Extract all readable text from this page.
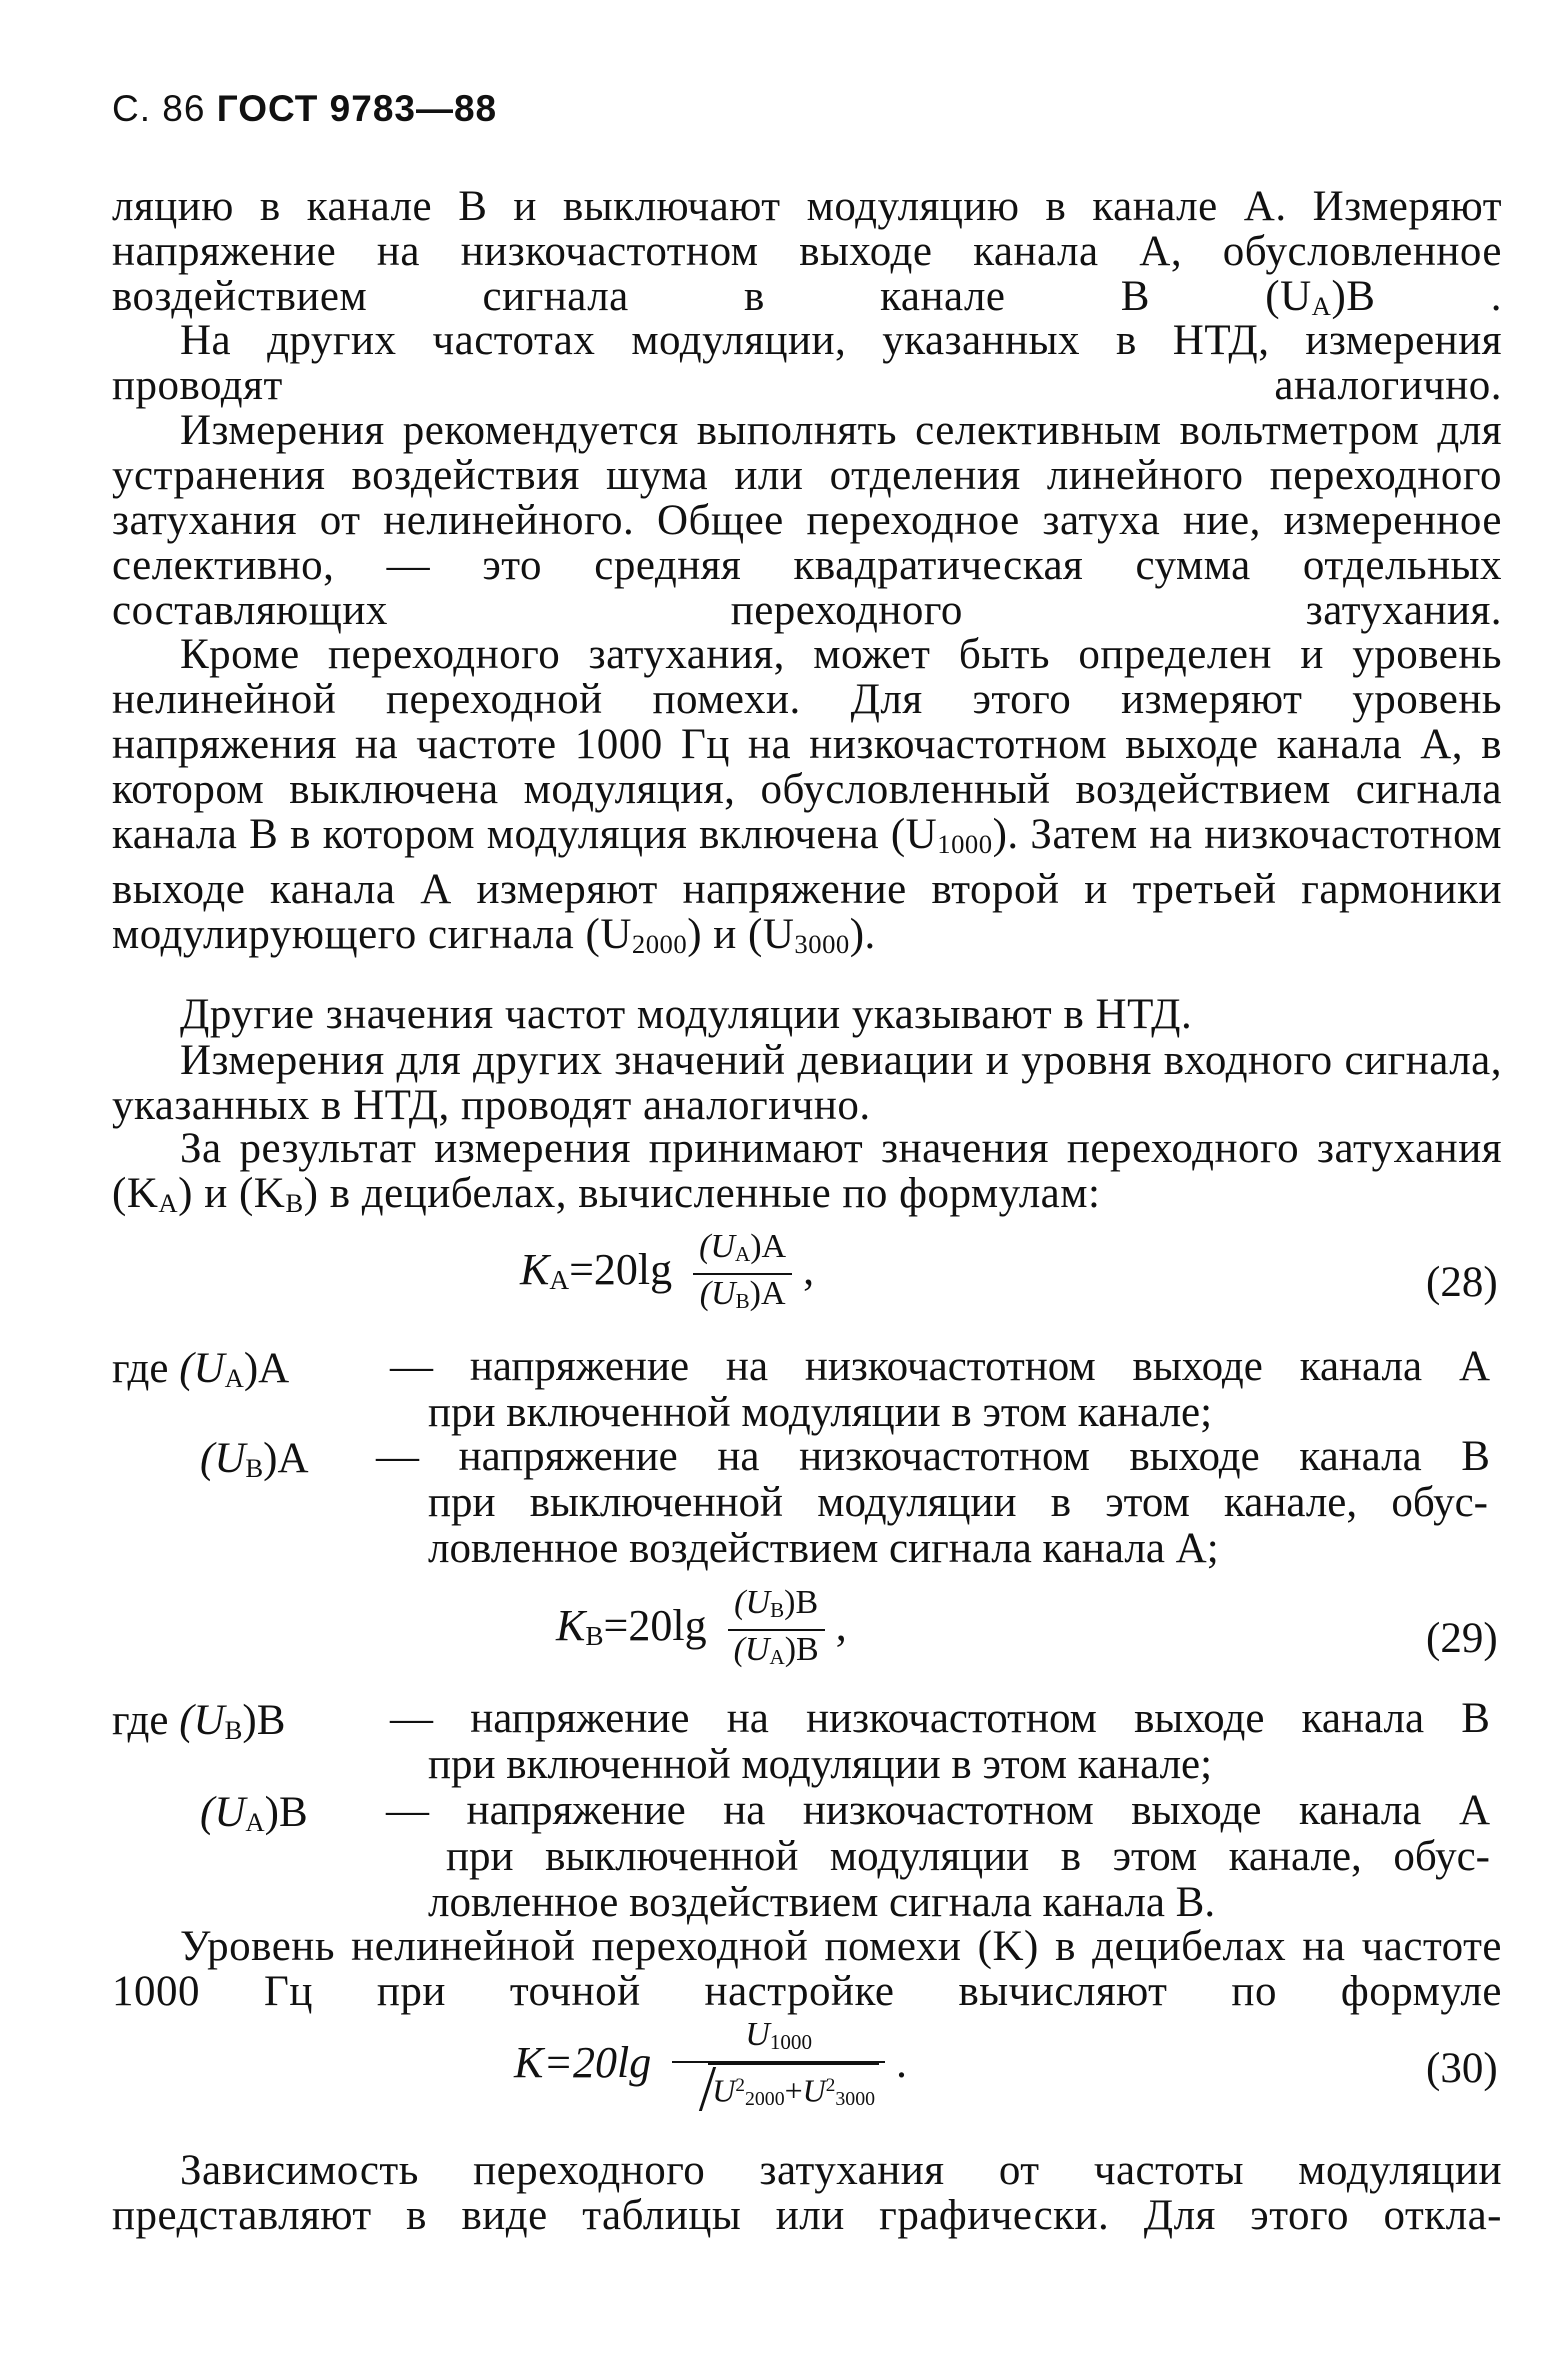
С. 86 ГОСТ 9783—88
ляцию в канале В и выключают модуляцию в канале А. Измеряют напряжение на низкочастотном выходе канала А, обусловленное воздействием сигнала в канале В $(U_A)B$ .
На других частотах модуляции, указанных в НТД, измерения проводят аналогично.
Измерения рекомендуется выполнять селективным вольтметром для устранения воздействия шума или отделения линейного переходного затухания от нелинейного. Общее переходное затуха ние, измеренное селективно, — это средняя квадратическая сумма отдельных составляющих переходного затухания.
Кроме переходного затухания, может быть определен и уровень нелинейной переходной помехи. Для этого измеряют уровень напряжения на частоте 1000 Гц на низкочастотном выходе канала А, в котором выключена модуляция, обусловленный воздействием сигнала канала В в котором модуляция включена $(U_{1000})$. Затем на низкочастотном выходе канала А измеряют напряжение второй и третьей гармоники модулирующего сигнала $(U_{2000})$ и $(U_{3000})$.
Другие значения частот модуляции указывают в НТД.
Измерения для других значений девиации и уровня входного сигнала, указанных в НТД, проводят аналогично.
За результат измерения принимают значения переходного затухания $(K_A)$ и $(K_B)$ в децибелах, вычисленные по формулам:
$K_A=20\lg \frac{(U_A)A}{(U_B)A}$ ,	(28)
где $(U_A)A$ — напряжение на низкочастотном выходе канала А
при включенной модуляции в этом канале;
$(U_B)A$ — напряжение на низкочастотном выходе канала В
при выключенной модуляции в этом канале, обус-
ловленное воздействием сигнала канала А;
$K_B=20\lg \frac{(U_B)B}{(U_A)B}$ ,	(29)
где $(U_B)B$ — напряжение на низкочастотном выходе канала В
при включенной модуляции в этом канале;
$(U_A)B$ — напряжение на низкочастотном выходе канала А
при выключенной модуляции в этом канале, обус-
ловленное воздействием сигнала канала В.
Уровень нелинейной переходной помехи (K) в децибелах на частоте 1000 Гц при точной настройке вычисляют по формуле
$K=20\lg \frac{U_{1000}}{U^2_{2000}+U^2_{3000}}$ .	(30)
Зависимость переходного затухания от частоты модуляции представляют в виде таблицы или графически. Для этого откла-
